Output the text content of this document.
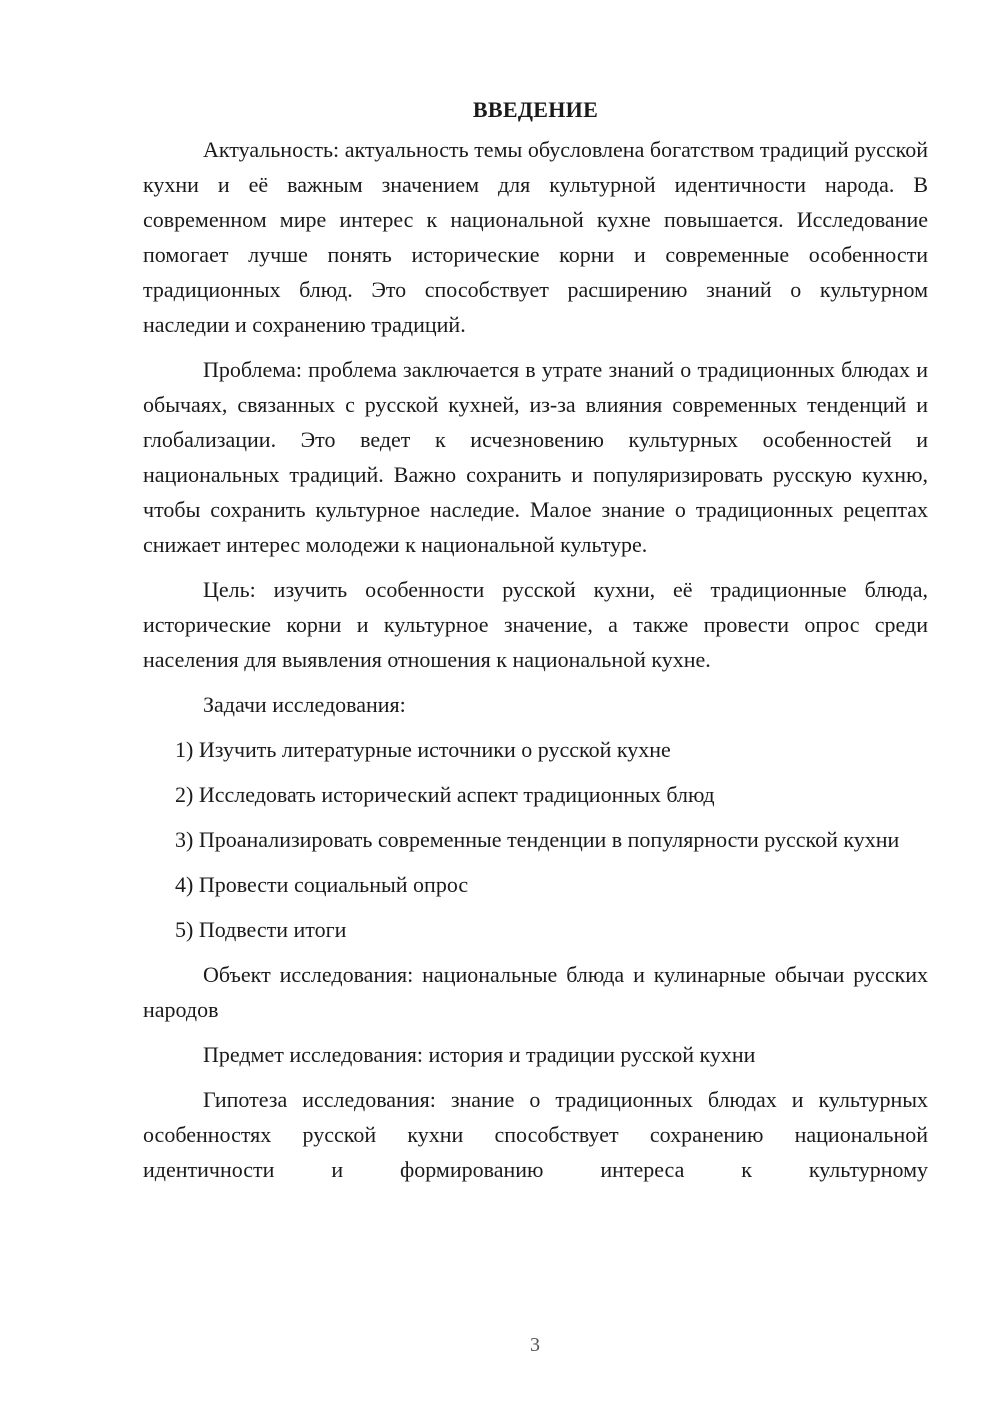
ВВЕДЕНИЕ

Актуальность: актуальность темы обусловлена богатством традиций русской кухни и её важным значением для культурной идентичности народа. В современном мире интерес к национальной кухне повышается. Исследование помогает лучше понять исторические корни и современные особенности традиционных блюд. Это способствует расширению знаний о культурном наследии и сохранению традиций.

Проблема: проблема заключается в утрате знаний о традиционных блюдах и обычаях, связанных с русской кухней, из-за влияния современных тенденций и глобализации. Это ведет к исчезновению культурных особенностей и национальных традиций. Важно сохранить и популяризировать русскую кухню, чтобы сохранить культурное наследие. Малое знание о традиционных рецептах снижает интерес молодежи к национальной культуре.

Цель: изучить особенности русской кухни, её традиционные блюда, исторические корни и культурное значение, а также провести опрос среди населения для выявления отношения к национальной кухне.

Задачи исследования:

1) Изучить литературные источники о русской кухне

2) Исследовать исторический аспект традиционных блюд

3) Проанализировать современные тенденции в популярности русской кухни

4) Провести социальный опрос

5) Подвести итоги

Объект исследования: национальные блюда и кулинарные обычаи русских народов

Предмет исследования: история и традиции русской кухни

Гипотеза исследования: знание о традиционных блюдах и культурных особенностях русской кухни способствует сохранению национальной идентичности и формированию интереса к культурному

3
